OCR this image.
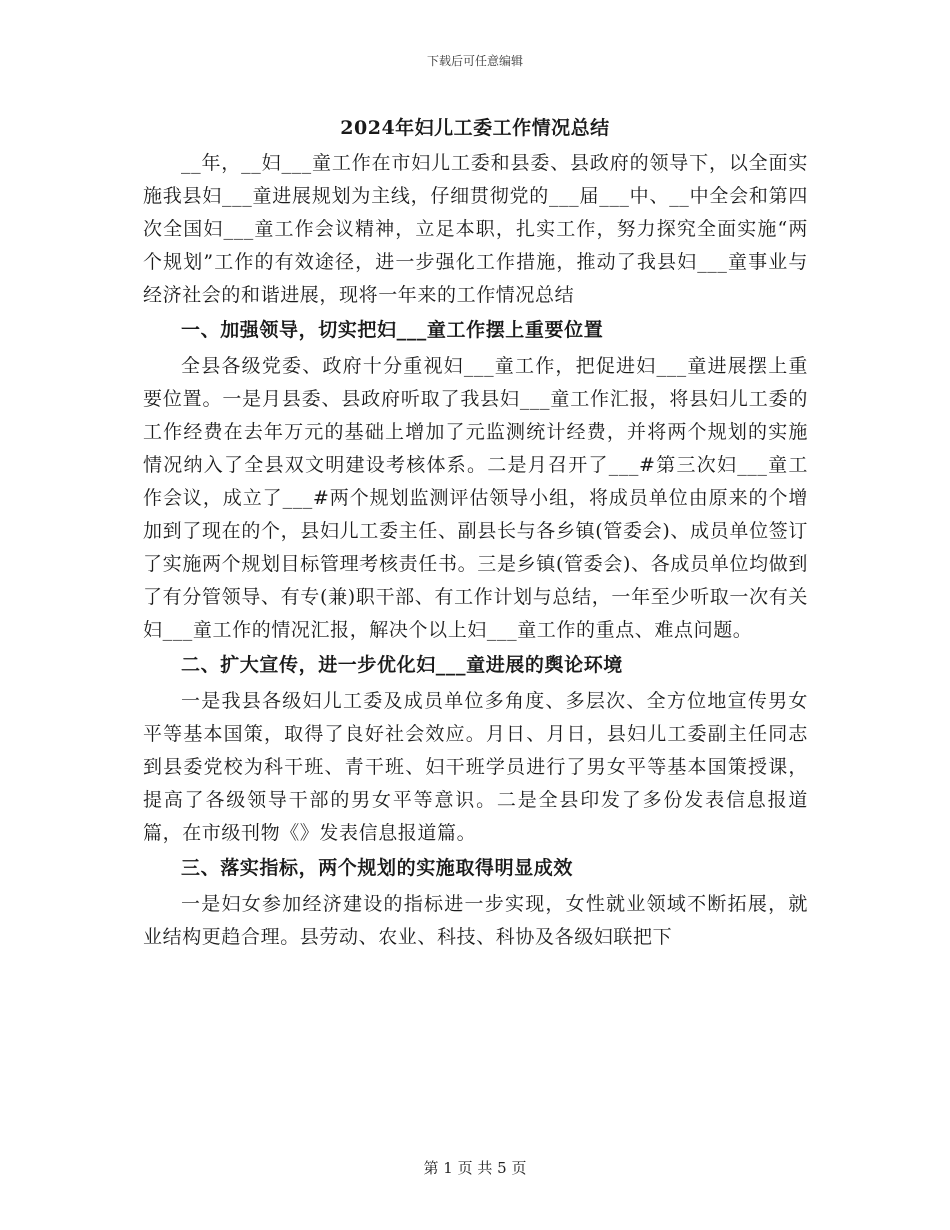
下载后可任意编辑
2024年妇儿工委工作情况总结

__年，__妇___童工作在市妇儿工委和县委、县政府的领导下，以全面实施我县妇___童进展规划为主线，仔细贯彻党的___届___中、__中全会和第四次全国妇___童工作会议精神，立足本职，扎实工作，努力探究全面实施“两个规划”工作的有效途径，进一步强化工作措施，推动了我县妇___童事业与经济社会的和谐进展，现将一年来的工作情况总结

一、加强领导，切实把妇___童工作摆上重要位置

全县各级党委、政府十分重视妇___童工作，把促进妇___童进展摆上重要位置。一是月县委、县政府听取了我县妇___童工作汇报，将县妇儿工委的工作经费在去年万元的基础上增加了元监测统计经费，并将两个规划的实施情况纳入了全县双文明建设考核体系。二是月召开了___#第三次妇___童工作会议，成立了___#两个规划监测评估领导小组，将成员单位由原来的个增加到了现在的个，县妇儿工委主任、副县长与各乡镇(管委会)、成员单位签订了实施两个规划目标管理考核责任书。三是乡镇(管委会)、各成员单位均做到了有分管领导、有专(兼)职干部、有工作计划与总结，一年至少听取一次有关妇___童工作的情况汇报，解决个以上妇___童工作的重点、难点问题。

二、扩大宣传，进一步优化妇___童进展的舆论环境

一是我县各级妇儿工委及成员单位多角度、多层次、全方位地宣传男女平等基本国策，取得了良好社会效应。月日、月日，县妇儿工委副主任同志到县委党校为科干班、青干班、妇干班学员进行了男女平等基本国策授课，提高了各级领导干部的男女平等意识。二是全县印发了多份发表信息报道篇，在市级刊物《》发表信息报道篇。

三、落实指标，两个规划的实施取得明显成效

一是妇女参加经济建设的指标进一步实现，女性就业领域不断拓展，就业结构更趋合理。县劳动、农业、科技、科协及各级妇联把下

第 1 页 共 5 页
